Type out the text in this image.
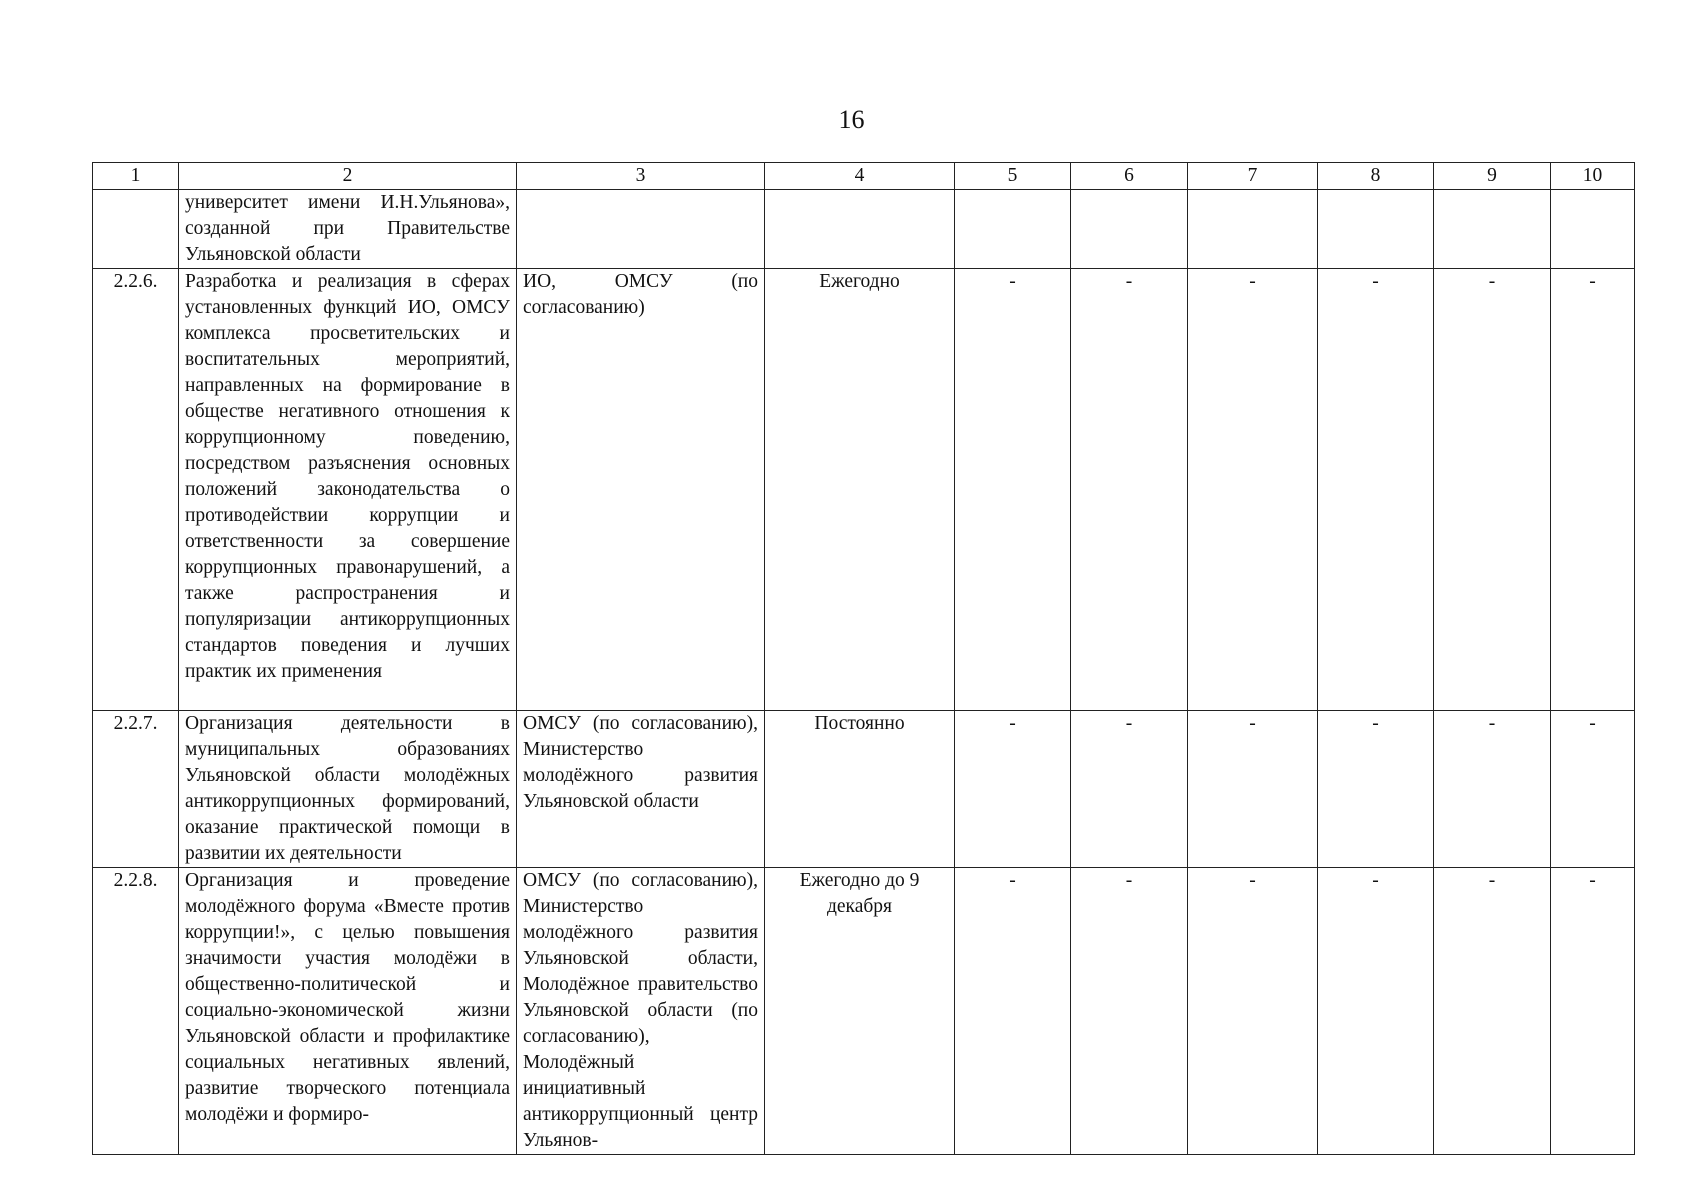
16
1	2	3	4	5	6	7	8	9	10
	университет имени И.Н.Ульянова», созданной при Правительстве Ульяновской области								
2.2.6.	Разработка и реализация в сферах установленных функций ИО, ОМСУ комплекса просветительских и воспитательных мероприятий, направленных на формирование в обществе негативного отношения к коррупционному поведению, посредством разъяснения основных положений законодательства о противодействии коррупции и ответственности за совершение коррупционных правонарушений, а также распространения и популяризации антикоррупционных стандартов поведения и лучших практик их применения	ИО, ОМСУ (по согласованию)	Ежегодно	-	-	-	-	-	-
2.2.7.	Организация деятельности в муниципальных образованиях Ульяновской области молодёжных антикоррупционных формирований, оказание практической помощи в развитии их деятельности	ОМСУ (по согласованию), Министерство молодёжного развития Ульяновской области	Постоянно	-	-	-	-	-	-
2.2.8.	Организация и проведение молодёжного форума «Вместе против коррупции!», с целью повышения значимости участия молодёжи в общественно-политической и социально-экономической жизни Ульяновской области и профилактике социальных негативных явлений, развитие творческого потенциала молодёжи и формиро-	ОМСУ (по согласованию), Министерство молодёжного развития Ульяновской области, Молодёжное правительство Ульяновской области (по согласованию), Молодёжный инициативный антикоррупционный центр Ульянов-	Ежегодно до 9 декабря	-	-	-	-	-	-
